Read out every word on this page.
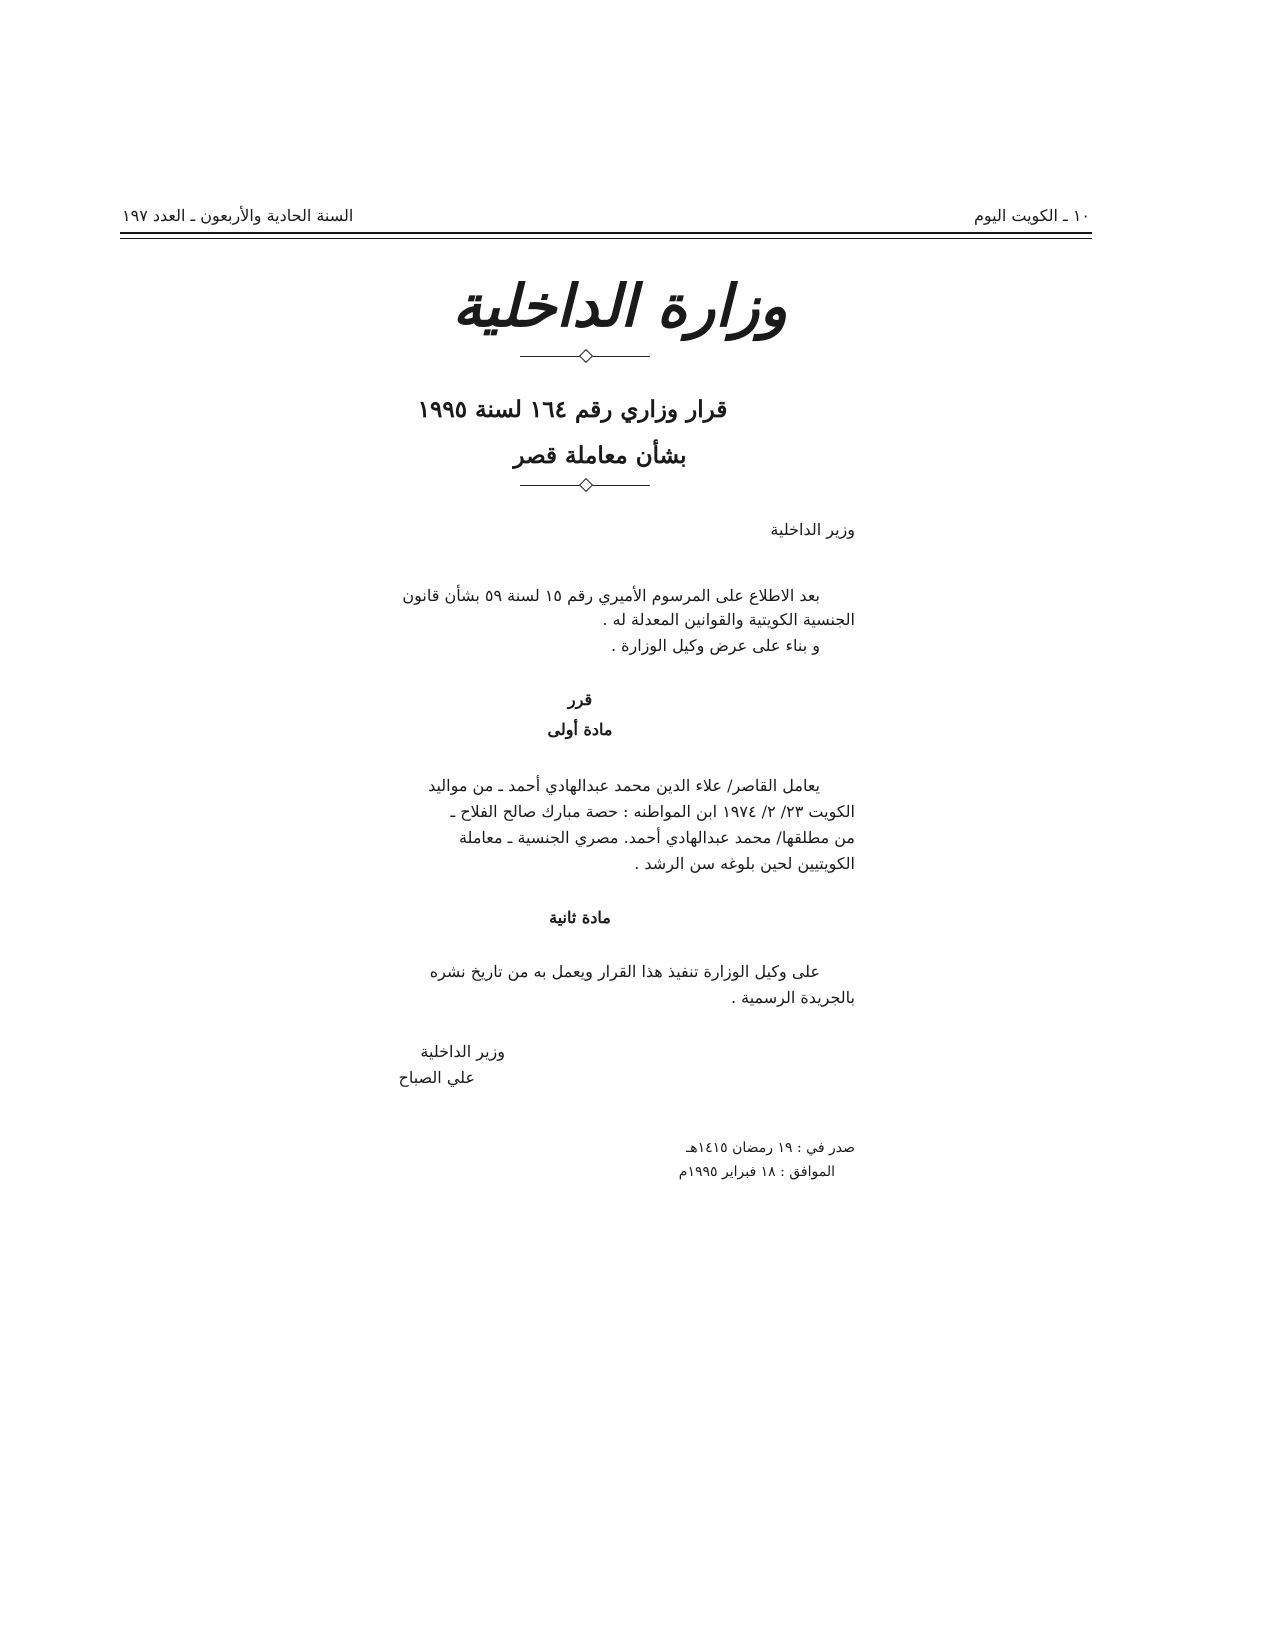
١٠ ـ الكويت اليوم
السنة الحادية والأربعون ـ العدد ١٩٧
وزارة الداخلية
قرار وزاري رقم ١٦٤ لسنة ١٩٩٥
بشأن معاملة قصر
وزير الداخلية
بعد الاطلاع على المرسوم الأميري رقم ١٥ لسنة ٥٩ بشأن قانون
الجنسية الكويتية والقوانين المعدلة له .
و بناء على عرض وكيل الوزارة .
قرر
مادة أولى
يعامل القاصر/ علاء الدين محمد عبدالهادي أحمد ـ من مواليد
الكويت ٢٣/ ٢/ ١٩٧٤ ابن المواطنه : حصة مبارك صالح الفلاح ـ
من مطلقها/ محمد عبدالهادي أحمد. مصري الجنسية ـ معاملة
الكويتيين لحين بلوغه سن الرشد .
مادة ثانية
على وكيل الوزارة تنفيذ هذا القرار ويعمل به من تاريخ نشره
بالجريدة الرسمية .
وزير الداخلية
علي الصباح
صدر في : ١٩ رمضان ١٤١٥هـ
الموافق : ١٨ فبراير ١٩٩٥م
